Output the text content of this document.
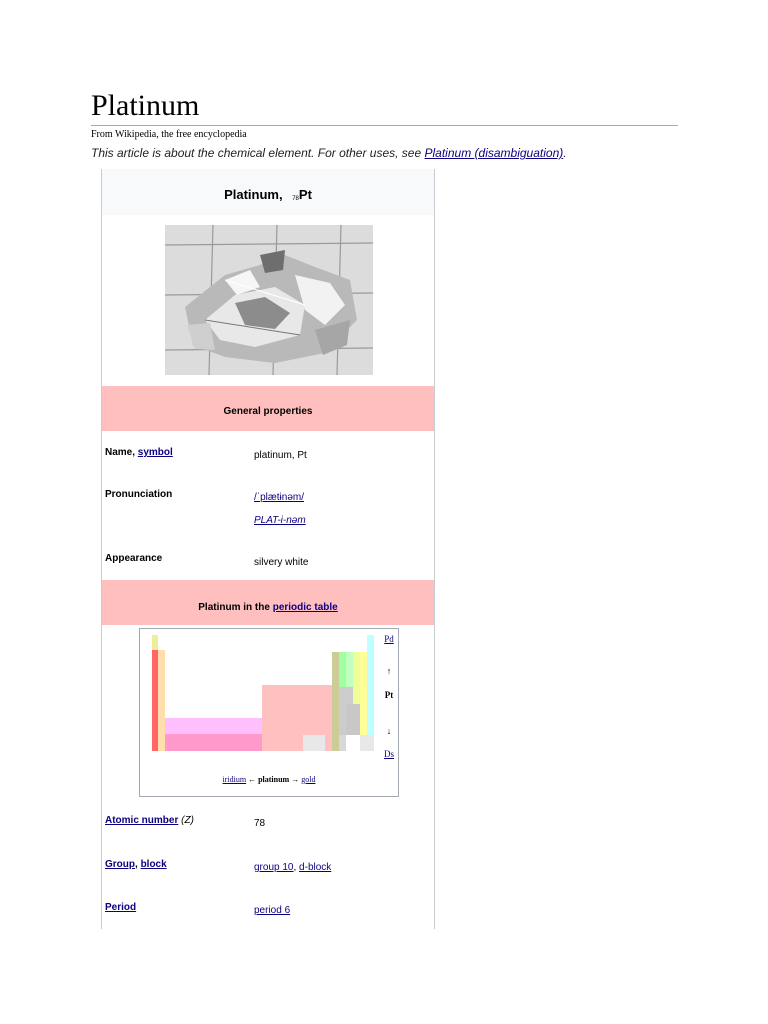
Platinum
From Wikipedia, the free encyclopedia
This article is about the chemical element. For other uses, see Platinum (disambiguation).
Platinum, $_{78}$Pt
General properties
Name, symbol	platinum, Pt
Pronunciation	/ˈplætɨnəm/
PLAT-i-nəm
Appearance	silvery white
Platinum in the periodic table
Pd
↑
Pt
↓
Ds
iridium ← platinum → gold
Atomic number (Z)	78
Group, block	group 10, d-block
Period	period 6
